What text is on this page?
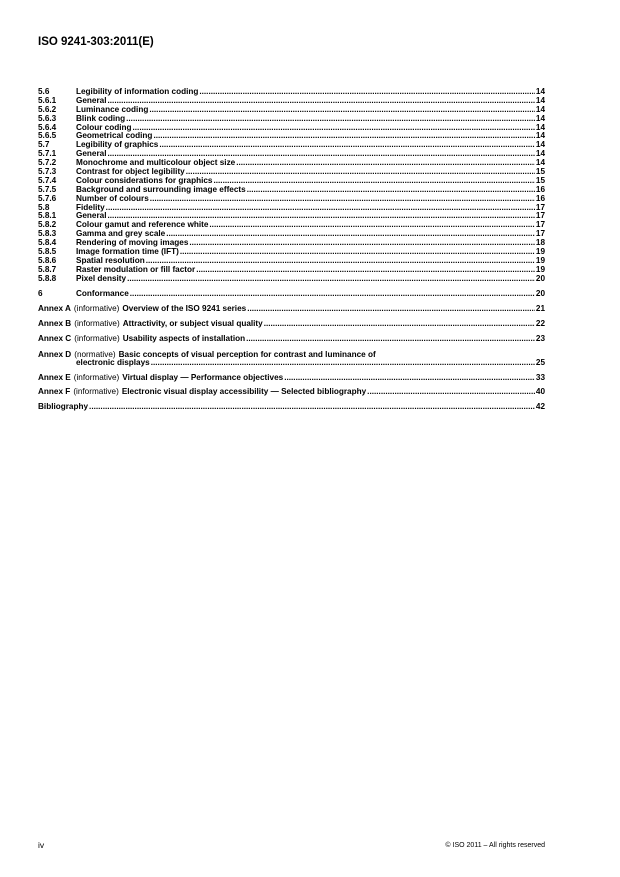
ISO 9241-303:2011(E)
5.6	Legibility of information coding .....	14
5.6.1	General .....	14
5.6.2	Luminance coding .....	14
5.6.3	Blink coding .....	14
5.6.4	Colour coding .....	14
5.6.5	Geometrical coding .....	14
5.7	Legibility of graphics .....	14
5.7.1	General .....	14
5.7.2	Monochrome and multicolour object size .....	14
5.7.3	Contrast for object legibility .....	15
5.7.4	Colour considerations for graphics .....	15
5.7.5	Background and surrounding image effects .....	16
5.7.6	Number of colours .....	16
5.8	Fidelity .....	17
5.8.1	General .....	17
5.8.2	Colour gamut and reference white .....	17
5.8.3	Gamma and grey scale .....	17
5.8.4	Rendering of moving images .....	18
5.8.5	Image formation time (IFT) .....	19
5.8.6	Spatial resolution .....	19
5.8.7	Raster modulation or fill factor .....	19
5.8.8	Pixel density .....	20
6	Conformance .....	20
Annex A (informative) Overview of the ISO 9241 series .....	21
Annex B (informative) Attractivity, or subject visual quality .....	22
Annex C (informative) Usability aspects of installation .....	23
Annex D (normative) Basic concepts of visual perception for contrast and luminance of
electronic displays .....	25
Annex E (informative) Virtual display — Performance objectives .....	33
Annex F (informative) Electronic visual display accessibility — Selected bibliography .....	40
Bibliography .....	42
iv	© ISO 2011 – All rights reserved
